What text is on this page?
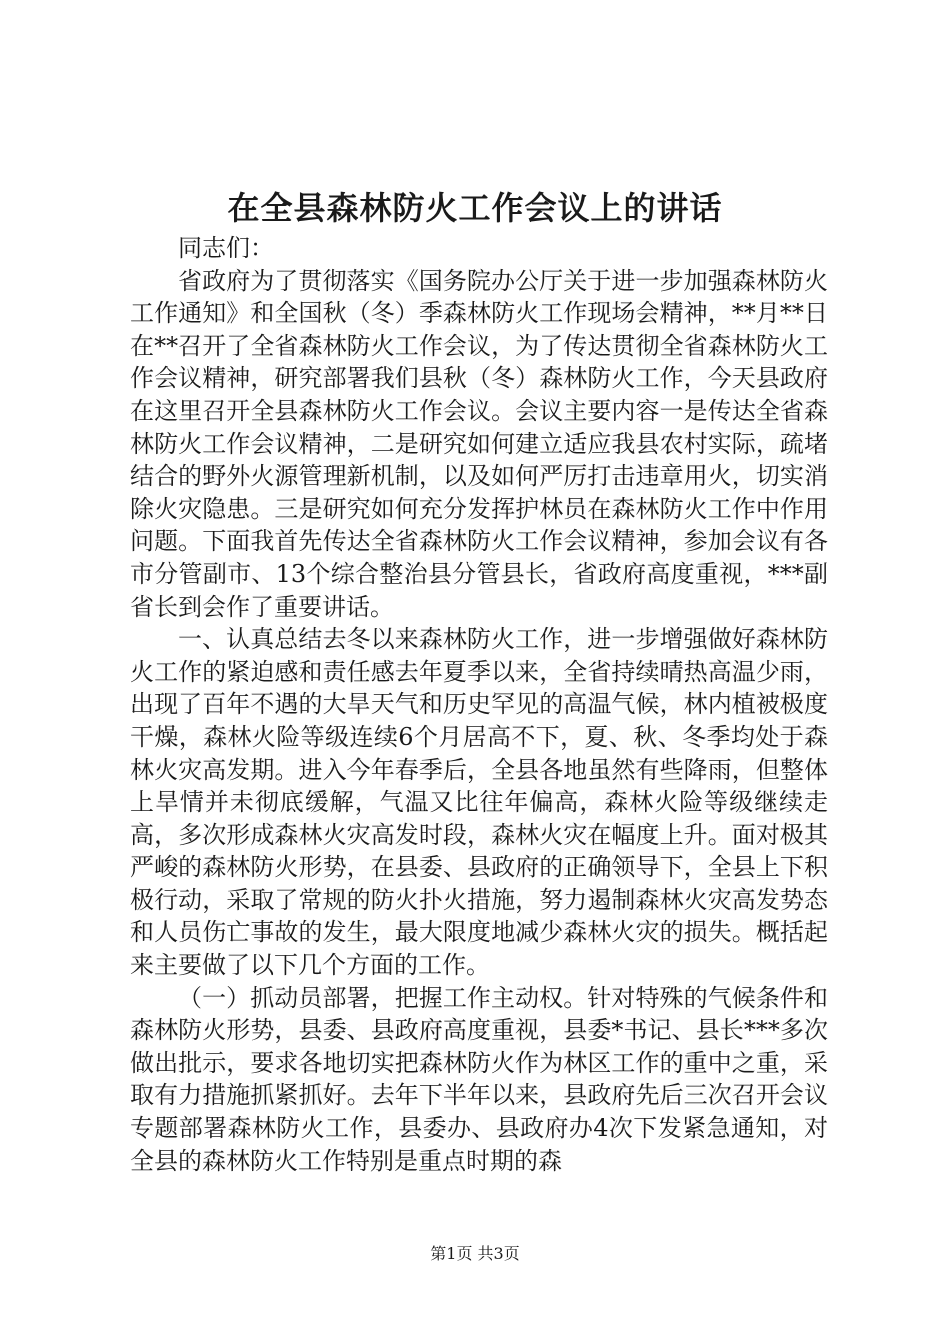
在全县森林防火工作会议上的讲话

同志们：

省政府为了贯彻落实《国务院办公厅关于进一步加强森林防火工作通知》和全国秋（冬）季森林防火工作现场会精神，**月**日在**召开了全省森林防火工作会议，为了传达贯彻全省森林防火工作会议精神，研究部署我们县秋（冬）森林防火工作，今天县政府在这里召开全县森林防火工作会议。会议主要内容一是传达全省森林防火工作会议精神，二是研究如何建立适应我县农村实际，疏堵结合的野外火源管理新机制，以及如何严厉打击违章用火，切实消除火灾隐患。三是研究如何充分发挥护林员在森林防火工作中作用问题。下面我首先传达全省森林防火工作会议精神，参加会议有各市分管副市、13个综合整治县分管县长，省政府高度重视，***副省长到会作了重要讲话。

一、认真总结去冬以来森林防火工作，进一步增强做好森林防火工作的紧迫感和责任感去年夏季以来，全省持续晴热高温少雨，出现了百年不遇的大旱天气和历史罕见的高温气候，林内植被极度干燥，森林火险等级连续6个月居高不下，夏、秋、冬季均处于森林火灾高发期。进入今年春季后，全县各地虽然有些降雨，但整体上旱情并未彻底缓解，气温又比往年偏高，森林火险等级继续走高，多次形成森林火灾高发时段，森林火灾在幅度上升。面对极其严峻的森林防火形势，在县委、县政府的正确领导下，全县上下积极行动，采取了常规的防火扑火措施，努力遏制森林火灾高发势态和人员伤亡事故的发生，最大限度地减少森林火灾的损失。概括起来主要做了以下几个方面的工作。

（一）抓动员部署，把握工作主动权。针对特殊的气候条件和森林防火形势，县委、县政府高度重视，县委*书记、县长***多次做出批示，要求各地切实把森林防火作为林区工作的重中之重，采取有力措施抓紧抓好。去年下半年以来，县政府先后三次召开会议专题部署森林防火工作，县委办、县政府办4次下发紧急通知，对全县的森林防火工作特别是重点时期的森

第1页 共3页
